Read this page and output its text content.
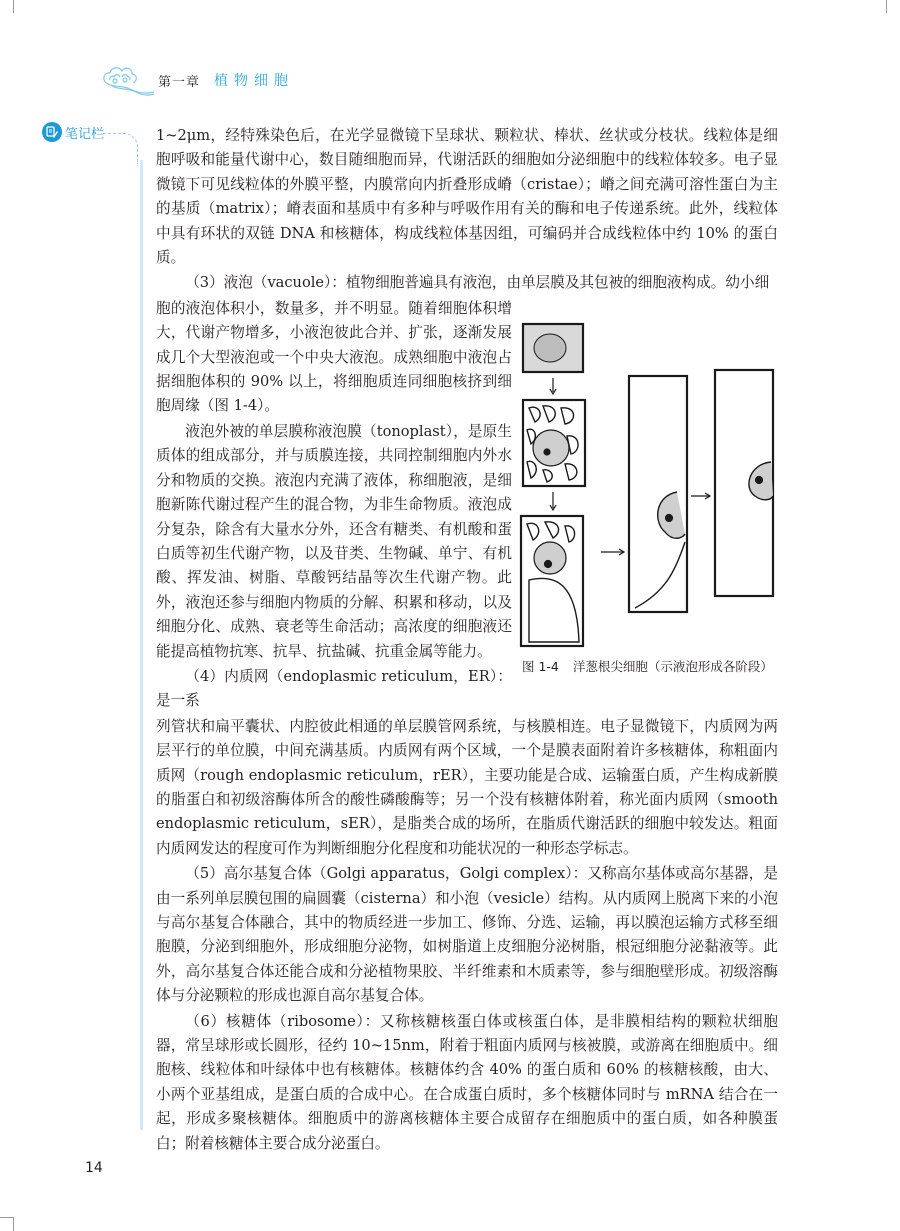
第一章 植物细胞
笔记栏	1~2μm，经特殊染色后，在光学显微镜下呈球状、颗粒状、棒状、丝状或分枝状。线粒体是细胞呼吸和能量代谢中心，数目随细胞而异，代谢活跃的细胞如分泌细胞中的线粒体较多。电子显微镜下可见线粒体的外膜平整，内膜常向内折叠形成嵴（cristae）；嵴之间充满可溶性蛋白为主的基质（matrix）；嵴表面和基质中有多种与呼吸作用有关的酶和电子传递系统。此外，线粒体中具有环状的双链 DNA 和核糖体，构成线粒体基因组，可编码并合成线粒体中约 10% 的蛋白质。

（3）液泡（vacuole）：植物细胞普遍具有液泡，由单层膜及其包被的细胞液构成。幼小细

胞的液泡体积小，数量多，并不明显。随着细胞体积增大，代谢产物增多，小液泡彼此合并、扩张，逐渐发展成几个大型液泡或一个中央大液泡。成熟细胞中液泡占据细胞体积的 90% 以上，将细胞质连同细胞核挤到细胞周缘（图 1-4）。

液泡外被的单层膜称液泡膜（tonoplast），是原生质体的组成部分，并与质膜连接，共同控制细胞内外水分和物质的交换。液泡内充满了液体，称细胞液，是细胞新陈代谢过程产生的混合物，为非生命物质。液泡成分复杂，除含有大量水分外，还含有糖类、有机酸和蛋白质等初生代谢产物，以及苷类、生物碱、单宁、有机酸、挥发油、树脂、草酸钙结晶等次生代谢产物。此外，液泡还参与细胞内物质的分解、积累和移动，以及细胞分化、成熟、衰老等生命活动；高浓度的细胞液还能提高植物抗寒、抗旱、抗盐碱、抗重金属等能力。

（4）内质网（endoplasmic reticulum，ER）：是一系

列管状和扁平囊状、内腔彼此相通的单层膜管网系统，与核膜相连。电子显微镜下，内质网为两层平行的单位膜，中间充满基质。内质网有两个区域，一个是膜表面附着许多核糖体，称粗面内质网（rough endoplasmic reticulum，rER），主要功能是合成、运输蛋白质，产生构成新膜的脂蛋白和初级溶酶体所含的酸性磷酸酶等；另一个没有核糖体附着，称光面内质网（smooth endoplasmic reticulum，sER），是脂类合成的场所，在脂质代谢活跃的细胞中较发达。粗面内质网发达的程度可作为判断细胞分化程度和功能状况的一种形态学标志。

（5）高尔基复合体（Golgi apparatus，Golgi complex）：又称高尔基体或高尔基器，是由一系列单层膜包围的扁圆囊（cisterna）和小泡（vesicle）结构。从内质网上脱离下来的小泡与高尔基复合体融合，其中的物质经进一步加工、修饰、分选、运输，再以膜泡运输方式移至细胞膜，分泌到细胞外，形成细胞分泌物，如树脂道上皮细胞分泌树脂，根冠细胞分泌黏液等。此外，高尔基复合体还能合成和分泌植物果胶、半纤维素和木质素等，参与细胞壁形成。初级溶酶体与分泌颗粒的形成也源自高尔基复合体。

（6）核糖体（ribosome）：又称核糖核蛋白体或核蛋白体，是非膜相结构的颗粒状细胞器，常呈球形或长圆形，径约 10~15nm，附着于粗面内质网与核被膜，或游离在细胞质中。细胞核、线粒体和叶绿体中也有核糖体。核糖体约含 40% 的蛋白质和 60% 的核糖核酸，由大、小两个亚基组成，是蛋白质的合成中心。在合成蛋白质时，多个核糖体同时与 mRNA 结合在一起，形成多聚核糖体。细胞质中的游离核糖体主要合成留存在细胞质中的蛋白质，如各种膜蛋白；附着核糖体主要合成分泌蛋白。

图 1-4 洋葱根尖细胞（示液泡形成各阶段）
14
